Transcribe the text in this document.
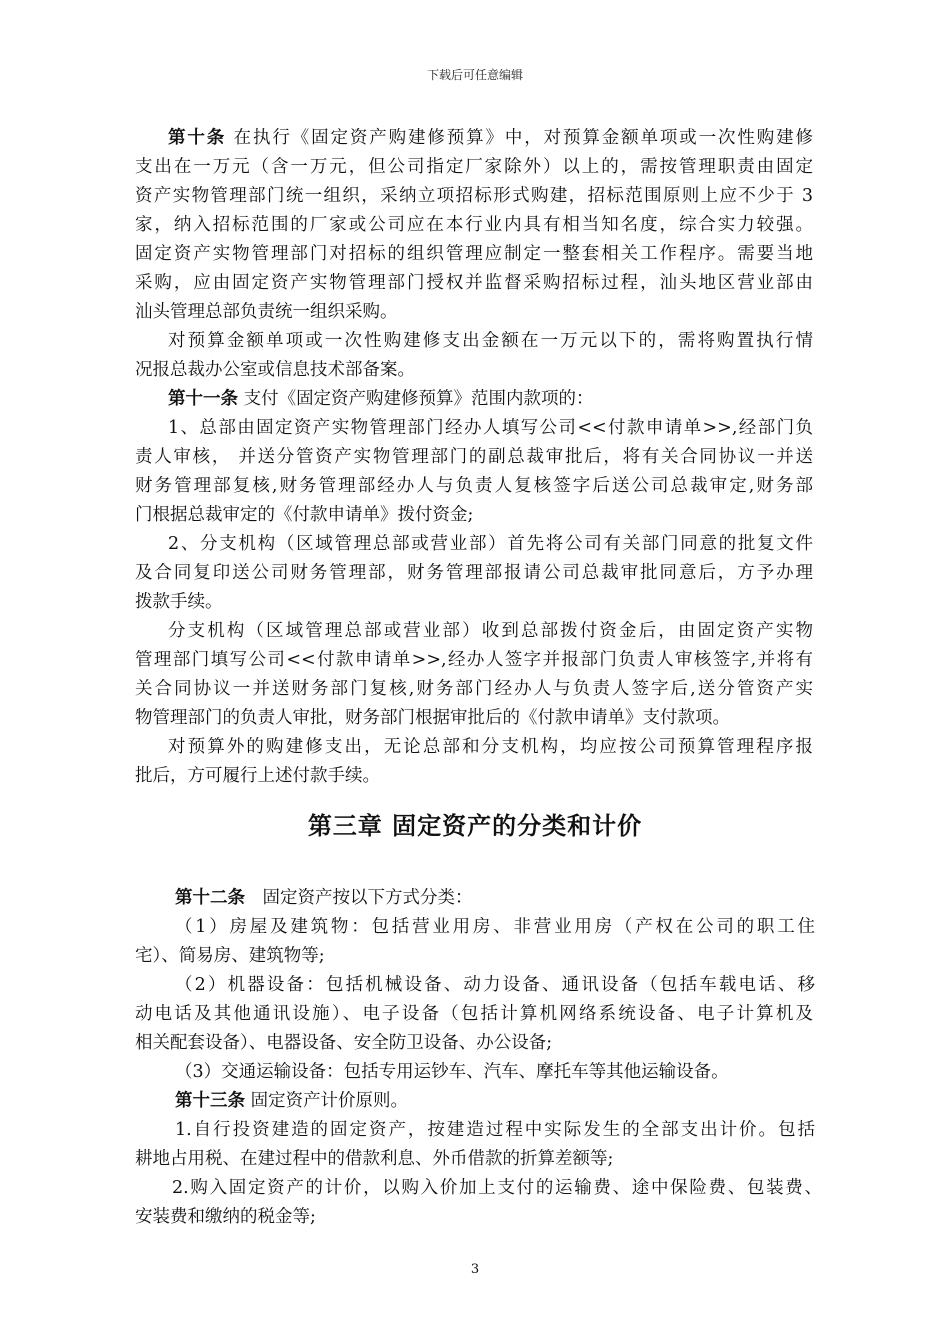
下载后可任意编辑
第十条 在执行《固定资产购建修预算》中，对预算金额单项或一次性购建修
支出在一万元（含一万元，但公司指定厂家除外）以上的，需按管理职责由固定
资产实物管理部门统一组织，采纳立项招标形式购建，招标范围原则上应不少于 3
家，纳入招标范围的厂家或公司应在本行业内具有相当知名度，综合实力较强。
固定资产实物管理部门对招标的组织管理应制定一整套相关工作程序。需要当地
采购，应由固定资产实物管理部门授权并监督采购招标过程，汕头地区营业部由
汕头管理总部负责统一组织采购。
对预算金额单项或一次性购建修支出金额在一万元以下的，需将购置执行情
况报总裁办公室或信息技术部备案。
第十一条 支付《固定资产购建修预算》范围内款项的：
1、总部由固定资产实物管理部门经办人填写公司<<付款申请单>>,经部门负
责人审核， 并送分管资产实物管理部门的副总裁审批后，将有关合同协议一并送
财务管理部复核,财务管理部经办人与负责人复核签字后送公司总裁审定,财务部
门根据总裁审定的《付款申请单》拨付资金;
2、分支机构（区域管理总部或营业部）首先将公司有关部门同意的批复文件
及合同复印送公司财务管理部，财务管理部报请公司总裁审批同意后，方予办理
拨款手续。
分支机构（区域管理总部或营业部）收到总部拨付资金后，由固定资产实物
管理部门填写公司<<付款申请单>>,经办人签字并报部门负责人审核签字,并将有
关合同协议一并送财务部门复核,财务部门经办人与负责人签字后,送分管资产实
物管理部门的负责人审批，财务部门根据审批后的《付款申请单》支付款项。
对预算外的购建修支出，无论总部和分支机构，均应按公司预算管理程序报
批后，方可履行上述付款手续。
第十二条　固定资产按以下方式分类：
（1）房屋及建筑物：包括营业用房、非营业用房（产权在公司的职工住
宅）、简易房、建筑物等;
（2）机器设备：包括机械设备、动力设备、通讯设备（包括车载电话、移
动电话及其他通讯设施）、电子设备（包括计算机网络系统设备、电子计算机及
相关配套设备）、电器设备、安全防卫设备、办公设备;
（3）交通运输设备：包括专用运钞车、汽车、摩托车等其他运输设备。
第十三条 固定资产计价原则。
1.自行投资建造的固定资产，按建造过程中实际发生的全部支出计价。包括
耕地占用税、在建过程中的借款利息、外币借款的折算差额等;
2.购入固定资产的计价，以购入价加上支付的运输费、途中保险费、包装费、
安装费和缴纳的税金等;
第三章 固定资产的分类和计价
3
